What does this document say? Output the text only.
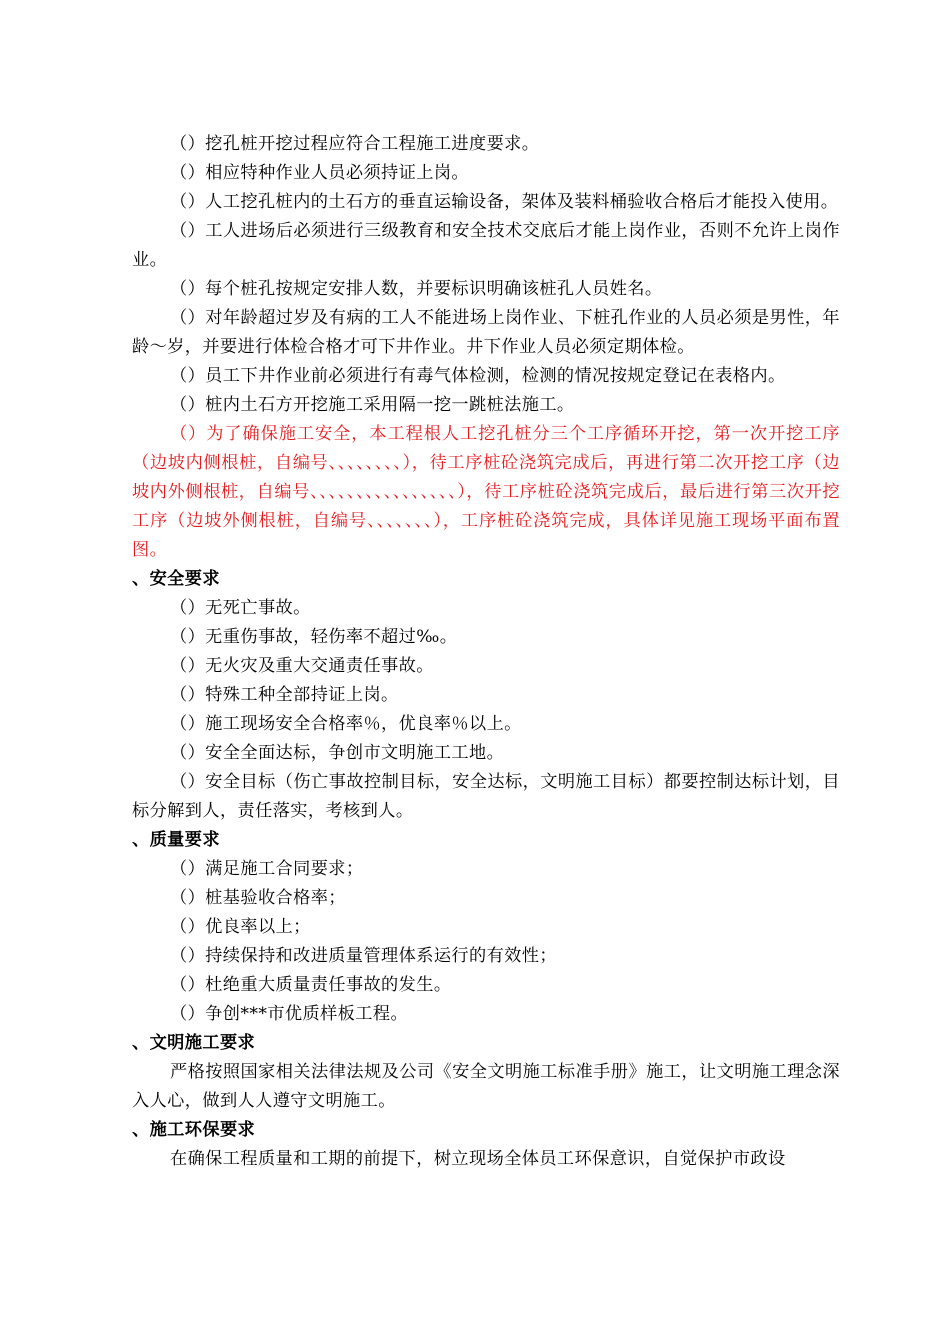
（）挖孔桩开挖过程应符合工程施工进度要求。

（）相应特种作业人员必须持证上岗。

（）人工挖孔桩内的土石方的垂直运输设备，架体及装料桶验收合格后才能投入使用。

（）工人进场后必须进行三级教育和安全技术交底后才能上岗作业，否则不允许上岗作业。

（）每个桩孔按规定安排人数，并要标识明确该桩孔人员姓名。

（）对年龄超过岁及有病的工人不能进场上岗作业、下桩孔作业的人员必须是男性，年龄～岁，并要进行体检合格才可下井作业。井下作业人员必须定期体检。

（）员工下井作业前必须进行有毒气体检测，检测的情况按规定登记在表格内。

（）桩内土石方开挖施工采用隔一挖一跳桩法施工。

（）为了确保施工安全，本工程根人工挖孔桩分三个工序循环开挖，第一次开挖工序（边坡内侧根桩，自编号、、、、、、、、），待工序桩砼浇筑完成后，再进行第二次开挖工序（边坡内外侧根桩，自编号、、、、、、、、、、、、、、、、），待工序桩砼浇筑完成后，最后进行第三次开挖工序（边坡外侧根桩，自编号、、、、、、、），工序桩砼浇筑完成，具体详见施工现场平面布置图。

、安全要求

（）无死亡事故。

（）无重伤事故，轻伤率不超过‰。

（）无火灾及重大交通责任事故。

（）特殊工种全部持证上岗。

（）施工现场安全合格率％，优良率％以上。

（）安全全面达标，争创市文明施工工地。

（）安全目标（伤亡事故控制目标，安全达标，文明施工目标）都要控制达标计划，目标分解到人，责任落实，考核到人。

、质量要求

（）满足施工合同要求；

（）桩基验收合格率；

（）优良率以上；

（）持续保持和改进质量管理体系运行的有效性；

（）杜绝重大质量责任事故的发生。

（）争创***市优质样板工程。

、文明施工要求

严格按照国家相关法律法规及公司《安全文明施工标准手册》施工，让文明施工理念深入人心，做到人人遵守文明施工。

、施工环保要求

在确保工程质量和工期的前提下，树立现场全体员工环保意识，自觉保护市政设
